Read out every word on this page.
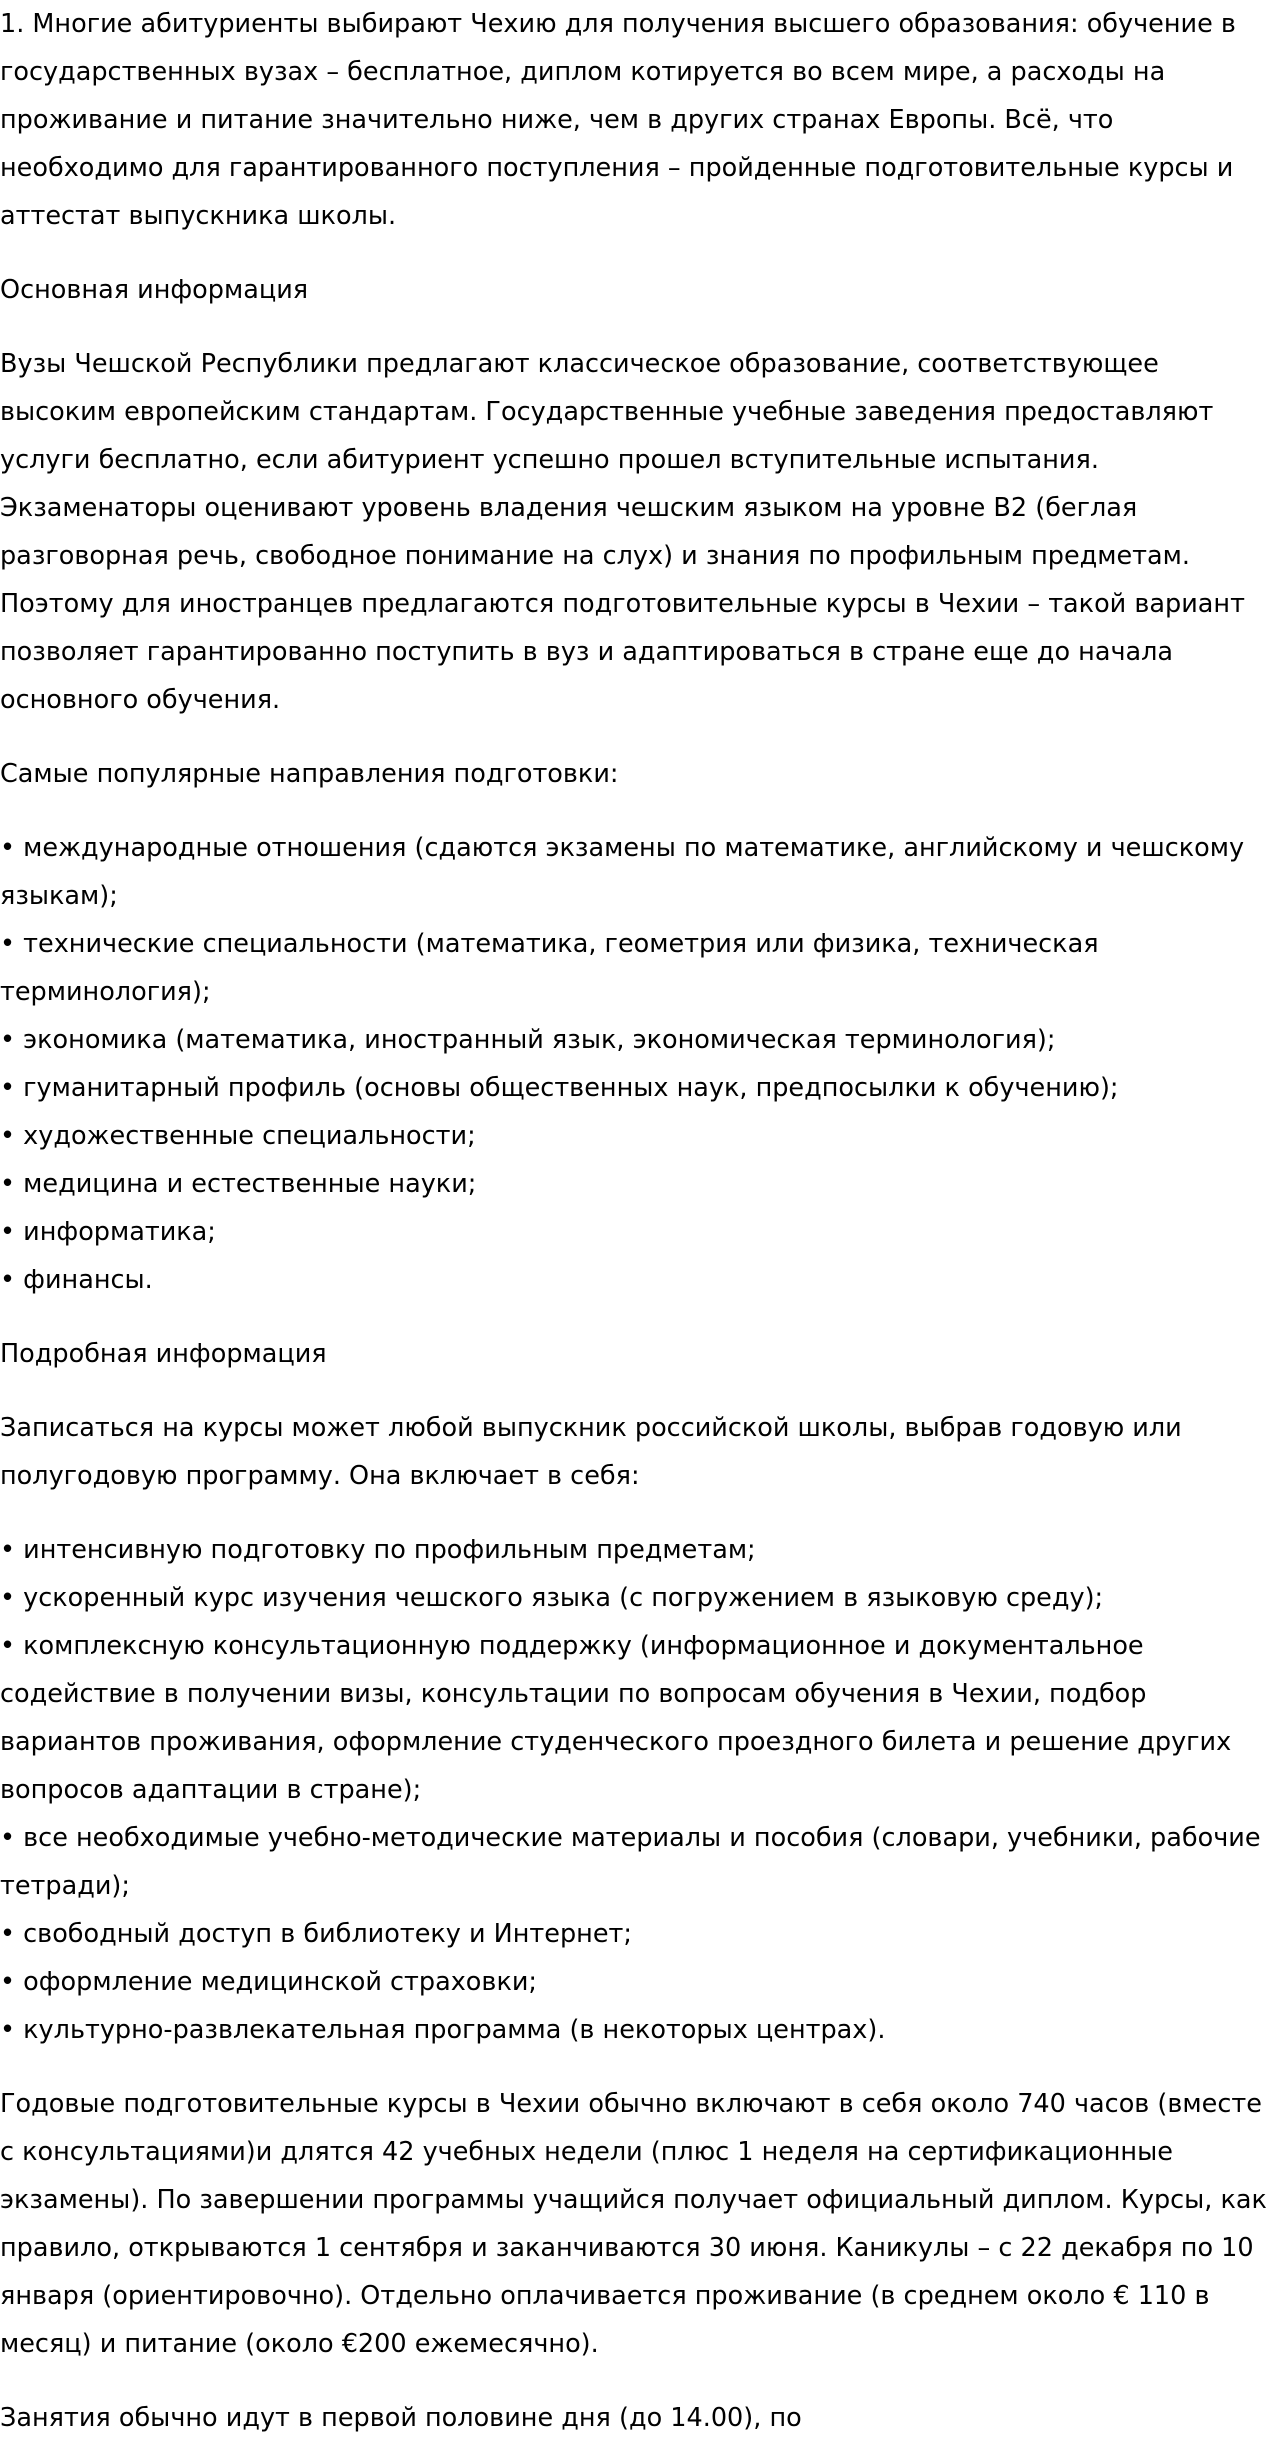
1. Многие абитуриенты выбирают Чехию для получения высшего образования: обучение в государственных вузах – бесплатное, диплом котируется во всем мире, а расходы на проживание и питание значительно ниже, чем в других странах Европы. Всё, что необходимо для гарантированного поступления – пройденные подготовительные курсы и аттестат выпускника школы.

Основная информация

Вузы Чешской Республики предлагают классическое образование, соответствующее высоким европейским стандартам. Государственные учебные заведения предоставляют услуги бесплатно, если абитуриент успешно прошел вступительные испытания. Экзаменаторы оценивают уровень владения чешским языком на уровне B2 (беглая разговорная речь, свободное понимание на слух) и знания по профильным предметам. Поэтому для иностранцев предлагаются подготовительные курсы в Чехии – такой вариант позволяет гарантированно поступить в вуз и адаптироваться в стране еще до начала основного обучения.

Самые популярные направления подготовки:

• международные отношения (сдаются экзамены по математике, английскому и чешскому языкам);
• технические специальности (математика, геометрия или физика, техническая терминология);
• экономика (математика, иностранный язык, экономическая терминология);
• гуманитарный профиль (основы общественных наук, предпосылки к обучению);
• художественные специальности;
• медицина и естественные науки;
• информатика;
• финансы.

Подробная информация

Записаться на курсы может любой выпускник российской школы, выбрав годовую или полугодовую программу. Она включает в себя:

• интенсивную подготовку по профильным предметам;
• ускоренный курс изучения чешского языка (с погружением в языковую среду);
• комплексную консультационную поддержку (информационное и документальное содействие в получении визы, консультации по вопросам обучения в Чехии, подбор вариантов проживания, оформление студенческого проездного билета и решение других вопросов адаптации в стране);
• все необходимые учебно-методические материалы и пособия (словари, учебники, рабочие тетради);
• свободный доступ в библиотеку и Интернет;
• оформление медицинской страховки;
• культурно-развлекательная программа (в некоторых центрах).

Годовые подготовительные курсы в Чехии обычно включают в себя около 740 часов (вместе с консультациями)и длятся 42 учебных недели (плюс 1 неделя на сертификационные экзамены). По завершении программы учащийся получает официальный диплом. Курсы, как правило, открываются 1 сентября и заканчиваются 30 июня. Каникулы – с 22 декабря по 10 января (ориентировочно). Отдельно оплачивается проживание (в среднем около € 110 в месяц) и питание (около €200 ежемесячно).

Занятия обычно идут в первой половине дня (до 14.00), по
